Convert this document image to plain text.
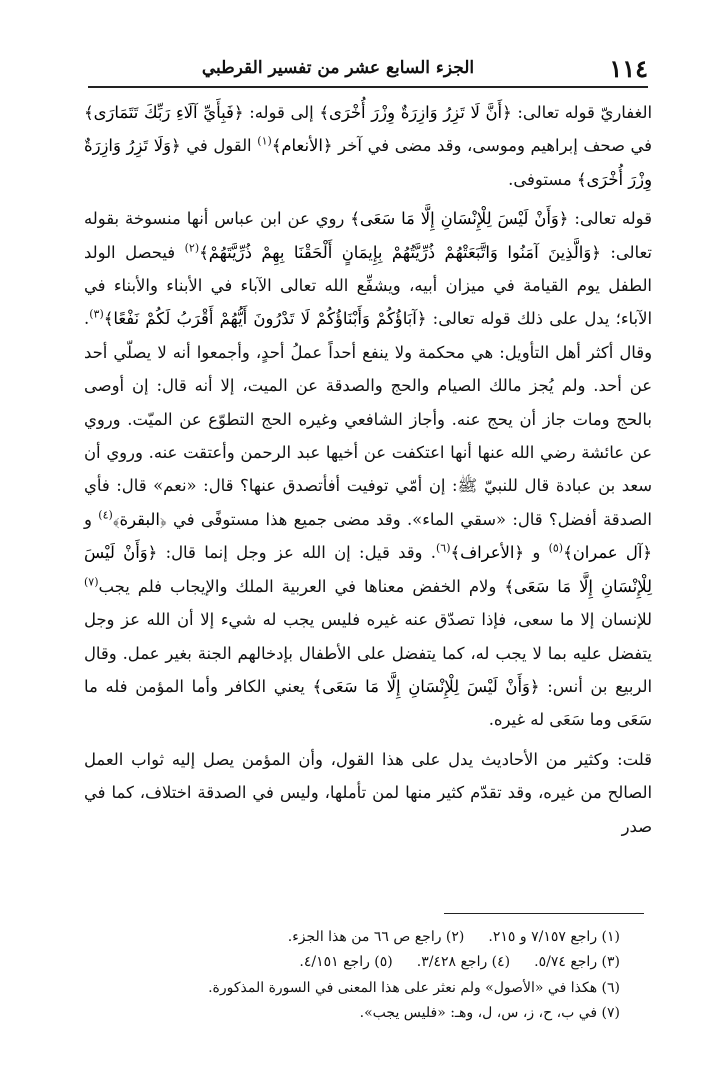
١١٤
الجزء السابع عشر من تفسير القرطبي

الغفاريّ قوله تعالى: ﴿أَنَّ لَا تَزِرُ وَازِرَةٌ وِزْرَ أُخْرَى﴾ إلى قوله: ﴿فَبِأَيِّ آلَاءِ رَبِّكَ تَتَمَارَى﴾ في صحف إبراهيم وموسى، وقد مضى في آخر ﴿الأنعام﴾$^{(١)}$ القول في ﴿وَلَا تَزِرُ وَازِرَةٌ وِزْرَ أُخْرَى﴾ مستوفى.

قوله تعالى: ﴿وَأَنْ لَيْسَ لِلْإِنْسَانِ إِلَّا مَا سَعَى﴾ روي عن ابن عباس أنها منسوخة بقوله تعالى: ﴿وَالَّذِينَ آمَنُوا وَاتَّبَعَتْهُمْ ذُرِّيَّتُهُمْ بِإِيمَانٍ أَلْحَقْنَا بِهِمْ ذُرِّيَّتَهُمْ﴾$^{(٢)}$ فيحصل الولد الطفل يوم القيامة في ميزان أبيه، ويشفِّع الله تعالى الآباء في الأبناء والأبناء في الآباء؛ يدل على ذلك قوله تعالى: ﴿آبَاؤُكُمْ وَأَبْنَاؤُكُمْ لَا تَدْرُونَ أَيُّهُمْ أَقْرَبُ لَكُمْ نَفْعًا﴾$^{(٣)}$. وقال أكثر أهل التأويل: هي محكمة ولا ينفع أحداً عملُ أحدٍ، وأجمعوا أنه لا يصلّي أحد عن أحد. ولم يُجز مالك الصيام والحج والصدقة عن الميت، إلا أنه قال: إن أوصى بالحج ومات جاز أن يحج عنه. وأجاز الشافعي وغيره الحج التطوّع عن الميّت. وروي عن عائشة رضي الله عنها أنها اعتكفت عن أخيها عبد الرحمن وأعتقت عنه. وروي أن سعد بن عبادة قال للنبيّ ﷺ: إن أمّي توفيت أفأتصدق عنها؟ قال: «نعم» قال: فأي الصدقة أفضل؟ قال: «سقي الماء». وقد مضى جميع هذا مستوفًى في ﴿البقرة﴾$^{(٤)}$ و ﴿آل عمران﴾$^{(٥)}$ و ﴿الأعراف﴾$^{(٦)}$. وقد قيل: إن الله عز وجل إنما قال: ﴿وَأَنْ لَيْسَ لِلْإِنْسَانِ إِلَّا مَا سَعَى﴾ ولام الخفض معناها في العربية الملك والإيجاب فلم يجب$^{(٧)}$ للإنسان إلا ما سعى، فإذا تصدّق عنه غيره فليس يجب له شيء إلا أن الله عز وجل يتفضل عليه بما لا يجب له، كما يتفضل على الأطفال بإدخالهم الجنة بغير عمل. وقال الربيع بن أنس: ﴿وَأَنْ لَيْسَ لِلْإِنْسَانِ إِلَّا مَا سَعَى﴾ يعني الكافر وأما المؤمن فله ما سَعَى وما سَعَى له غيره.

قلت: وكثير من الأحاديث يدل على هذا القول، وأن المؤمن يصل إليه ثواب العمل الصالح من غيره، وقد تقدّم كثير منها لمن تأملها، وليس في الصدقة اختلاف، كما في صدر

(١) راجع ٧/١٥٧ و ٢١٥.(٢) راجع ص ٦٦ من هذا الجزء.
(٣) راجع ٥/٧٤.(٤) راجع ٣/٤٢٨.(٥) راجع ٤/١٥١.
(٦) هكذا في «الأصول» ولم نعثر على هذا المعنى في السورة المذكورة.
(٧) في ب، ح، ز، س، ل، وهـ: «فليس يجب».
